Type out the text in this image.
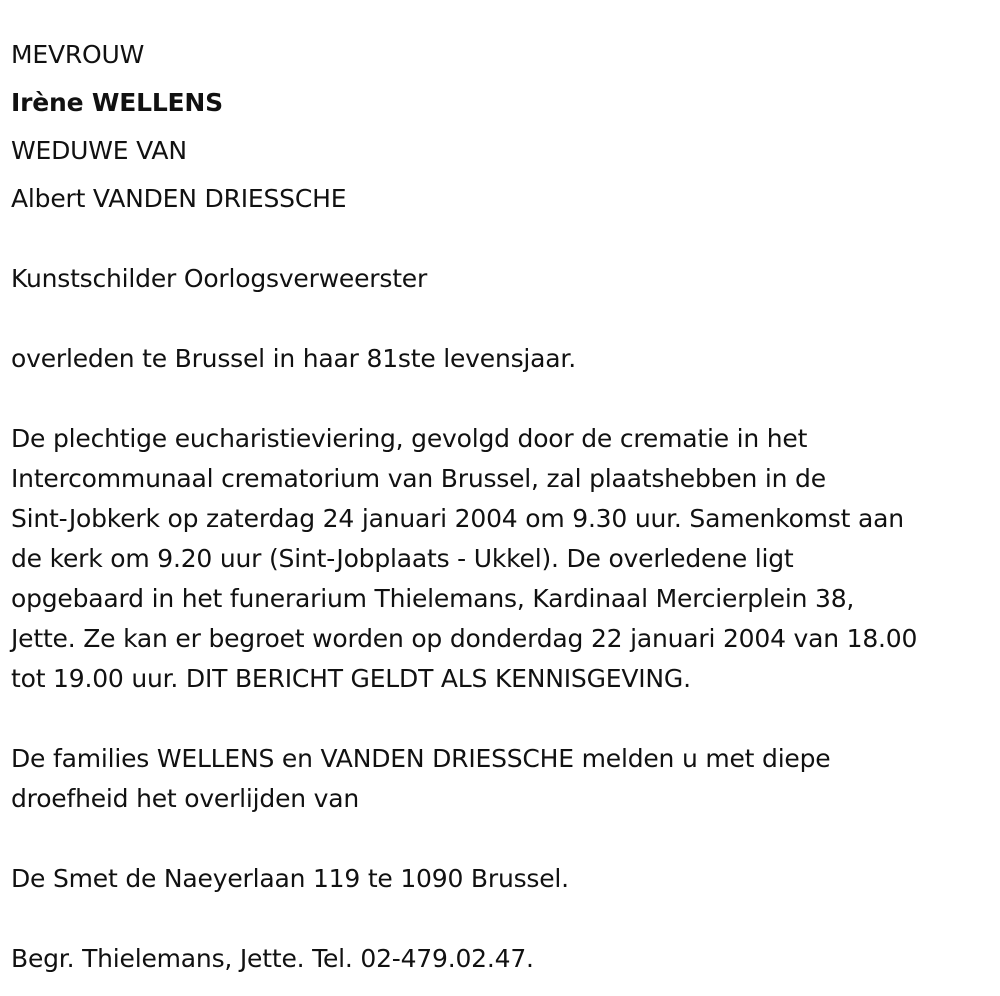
MEVROUW
Irène WELLENS
WEDUWE VAN
Albert VANDEN DRIESSCHE
Kunstschilder Oorlogsverweerster
overleden te Brussel in haar 81ste levensjaar.
De plechtige eucharistieviering, gevolgd door de crematie in het
Intercommunaal crematorium van Brussel, zal plaatshebben in de
Sint-Jobkerk op zaterdag 24 januari 2004 om 9.30 uur. Samenkomst aan
de kerk om 9.20 uur (Sint-Jobplaats - Ukkel). De overledene ligt
opgebaard in het funerarium Thielemans, Kardinaal Mercierplein 38,
Jette. Ze kan er begroet worden op donderdag 22 januari 2004 van 18.00
tot 19.00 uur. DIT BERICHT GELDT ALS KENNISGEVING.
De families WELLENS en VANDEN DRIESSCHE melden u met diepe
droefheid het overlijden van
De Smet de Naeyerlaan 119 te 1090 Brussel.
Begr. Thielemans, Jette. Tel. 02-479.02.47.
